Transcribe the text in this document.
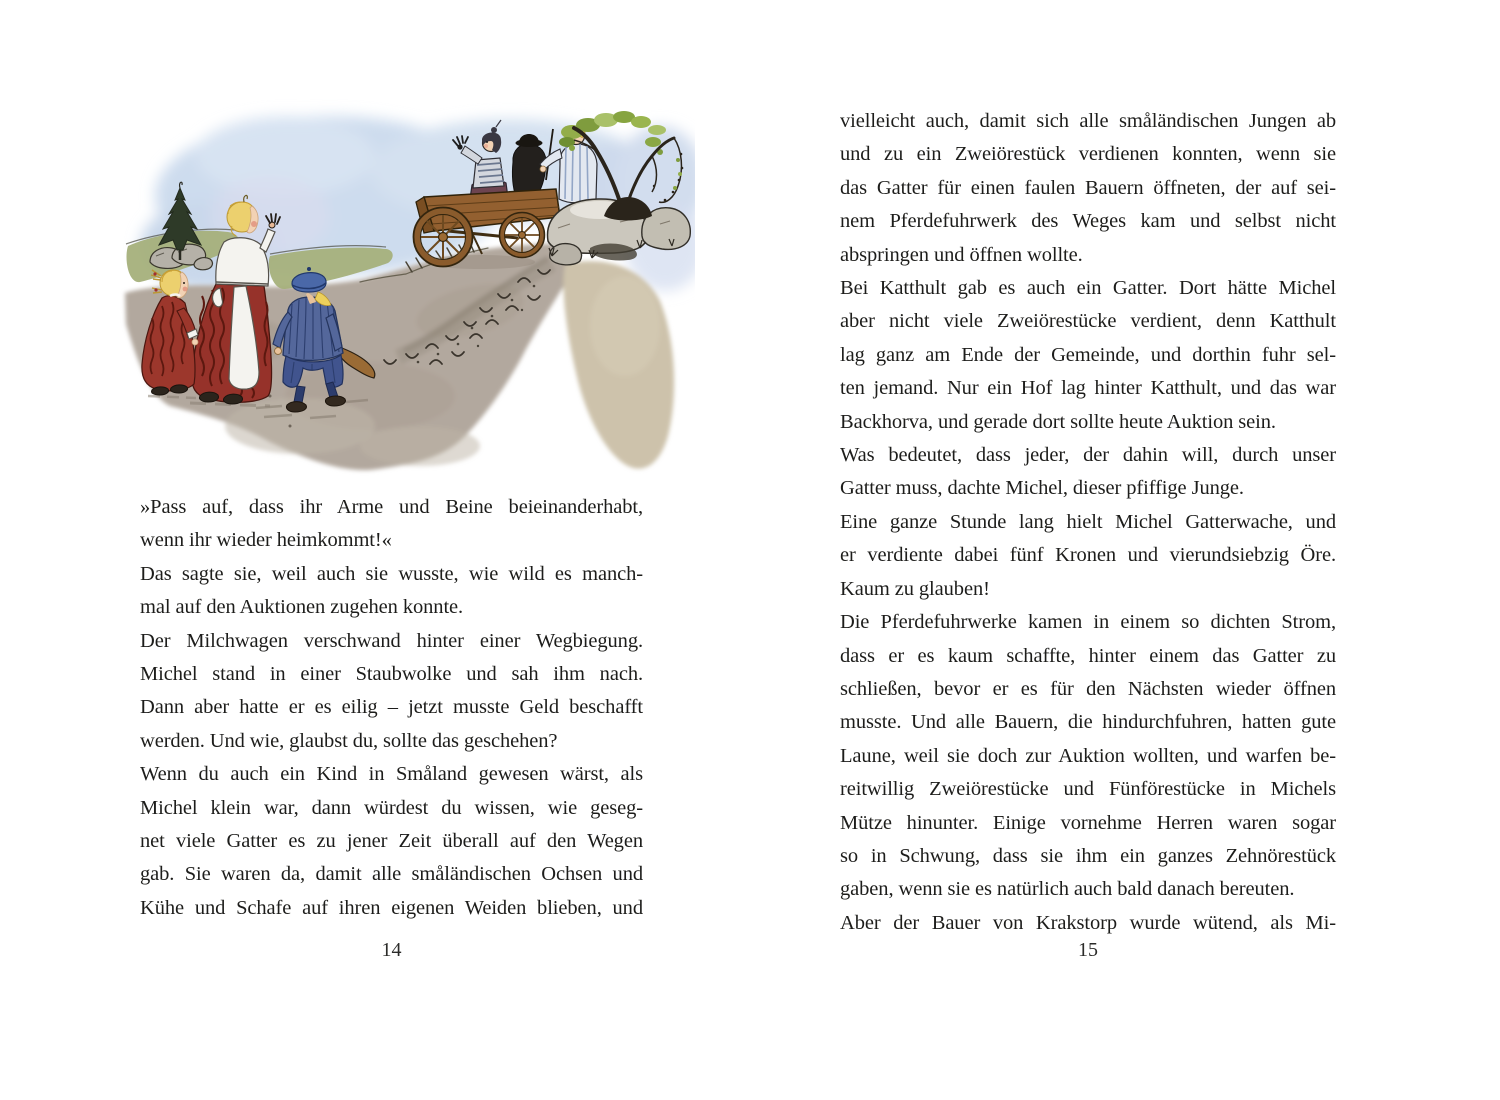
»Pass auf, dass ihr Arme und Beine beieinanderhabt,
wenn ihr wieder heimkommt!«
Das sagte sie, weil auch sie wusste, wie wild es manch-
mal auf den Auktionen zugehen konnte.
Der Milchwagen verschwand hinter einer Wegbiegung.
Michel stand in einer Staubwolke und sah ihm nach.
Dann aber hatte er es eilig – jetzt musste Geld beschafft
werden. Und wie, glaubst du, sollte das geschehen?
Wenn du auch ein Kind in Småland gewesen wärst, als
Michel klein war, dann würdest du wissen, wie geseg-
net viele Gatter es zu jener Zeit überall auf den Wegen
gab. Sie waren da, damit alle småländischen Ochsen und
Kühe und Schafe auf ihren eigenen Weiden blieben, und
14
vielleicht auch, damit sich alle småländischen Jungen ab
und zu ein Zweiörestück verdienen konnten, wenn sie
das Gatter für einen faulen Bauern öffneten, der auf sei-
nem Pferdefuhrwerk des Weges kam und selbst nicht
abspringen und öffnen wollte.
Bei Katthult gab es auch ein Gatter. Dort hätte Michel
aber nicht viele Zweiörestücke verdient, denn Katthult
lag ganz am Ende der Gemeinde, und dorthin fuhr sel-
ten jemand. Nur ein Hof lag hinter Katthult, und das war
Backhorva, und gerade dort sollte heute Auktion sein.
Was bedeutet, dass jeder, der dahin will, durch unser
Gatter muss, dachte Michel, dieser pfiffige Junge.
Eine ganze Stunde lang hielt Michel Gatterwache, und
er verdiente dabei fünf Kronen und vierundsiebzig Öre.
Kaum zu glauben!
Die Pferdefuhrwerke kamen in einem so dichten Strom,
dass er es kaum schaffte, hinter einem das Gatter zu
schließen, bevor er es für den Nächsten wieder öffnen
musste. Und alle Bauern, die hindurchfuhren, hatten gute
Laune, weil sie doch zur Auktion wollten, und warfen be-
reitwillig Zweiörestücke und Fünförestücke in Michels
Mütze hinunter. Einige vornehme Herren waren sogar
so in Schwung, dass sie ihm ein ganzes Zehnörestück
gaben, wenn sie es natürlich auch bald danach bereuten.
Aber der Bauer von Krakstorp wurde wütend, als Mi-
15
